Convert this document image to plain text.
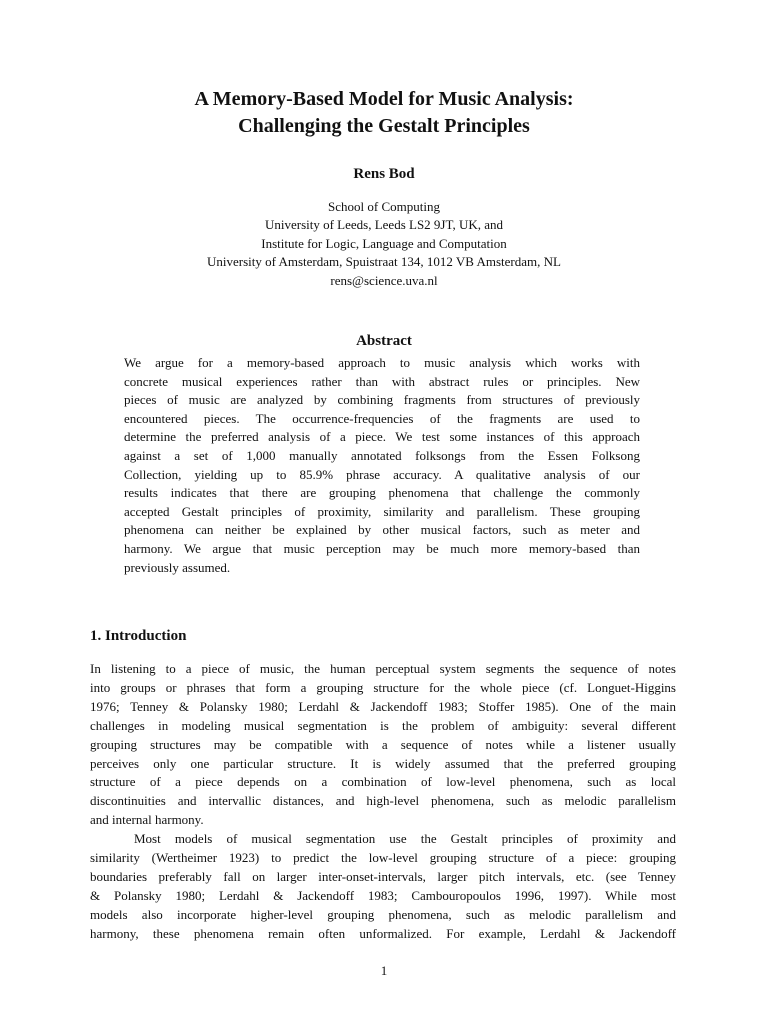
A Memory-Based Model for Music Analysis:
Challenging the Gestalt Principles
Rens Bod
School of Computing
University of Leeds, Leeds LS2 9JT, UK, and
Institute for Logic, Language and Computation
University of Amsterdam, Spuistraat 134, 1012 VB Amsterdam, NL
rens@science.uva.nl
Abstract
We argue for a memory-based approach to music analysis which works with
concrete musical experiences rather than with abstract rules or principles. New
pieces of music are analyzed by combining fragments from structures of previously
encountered pieces. The occurrence-frequencies of the fragments are used to
determine the preferred analysis of a piece. We test some instances of this approach
against a set of 1,000 manually annotated folksongs from the Essen Folksong
Collection, yielding up to 85.9% phrase accuracy. A qualitative analysis of our
results indicates that there are grouping phenomena that challenge the commonly
accepted Gestalt principles of proximity, similarity and parallelism. These grouping
phenomena can neither be explained by other musical factors, such as meter and
harmony. We argue that music perception may be much more memory-based than
previously assumed.
1. Introduction
In listening to a piece of music, the human perceptual system segments the sequence of notes
into groups or phrases that form a grouping structure for the whole piece (cf. Longuet-Higgins
1976; Tenney & Polansky 1980; Lerdahl & Jackendoff 1983; Stoffer 1985). One of the main
challenges in modeling musical segmentation is the problem of ambiguity: several different
grouping structures may be compatible with a sequence of notes while a listener usually
perceives only one particular structure. It is widely assumed that the preferred grouping
structure of a piece depends on a combination of low-level phenomena, such as local
discontinuities and intervallic distances, and high-level phenomena, such as melodic parallelism
and internal harmony.
Most models of musical segmentation use the Gestalt principles of proximity and
similarity (Wertheimer 1923) to predict the low-level grouping structure of a piece: grouping
boundaries preferably fall on larger inter-onset-intervals, larger pitch intervals, etc. (see Tenney
& Polansky 1980; Lerdahl & Jackendoff 1983; Cambouropoulos 1996, 1997). While most
models also incorporate higher-level grouping phenomena, such as melodic parallelism and
harmony, these phenomena remain often unformalized. For example, Lerdahl & Jackendoff
1
